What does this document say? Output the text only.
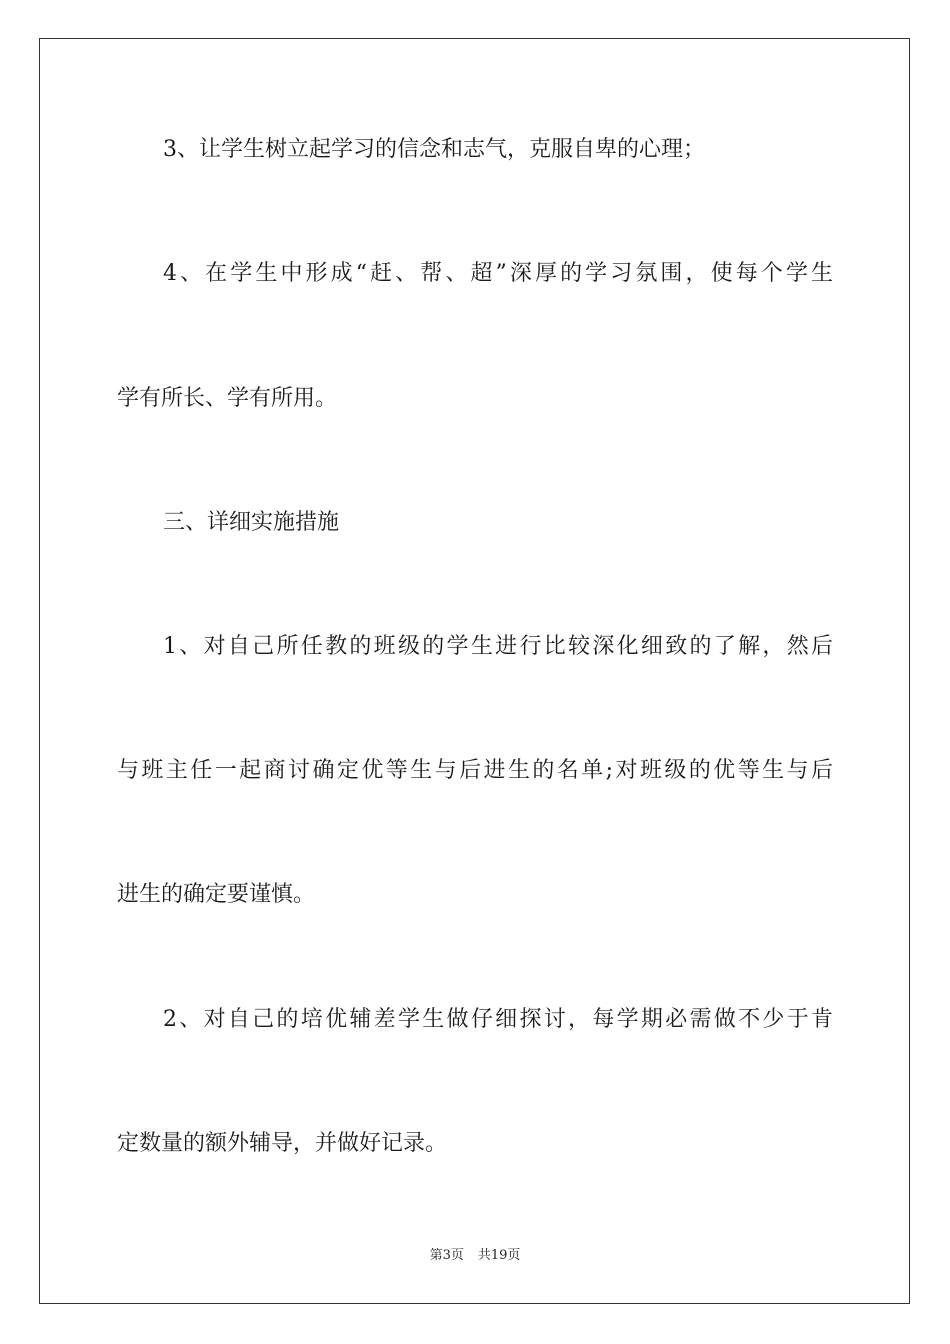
3、让学生树立起学习的信念和志气，克服自卑的心理；
4、在学生中形成“赶、帮、超”深厚的学习氛围，使每个学生
学有所长、学有所用。
三、详细实施措施
1、对自己所任教的班级的学生进行比较深化细致的了解，然后
与班主任一起商讨确定优等生与后进生的名单;对班级的优等生与后
进生的确定要谨慎。
2、对自己的培优辅差学生做仔细探讨，每学期必需做不少于肯
定数量的额外辅导，并做好记录。
第3页 共19页
